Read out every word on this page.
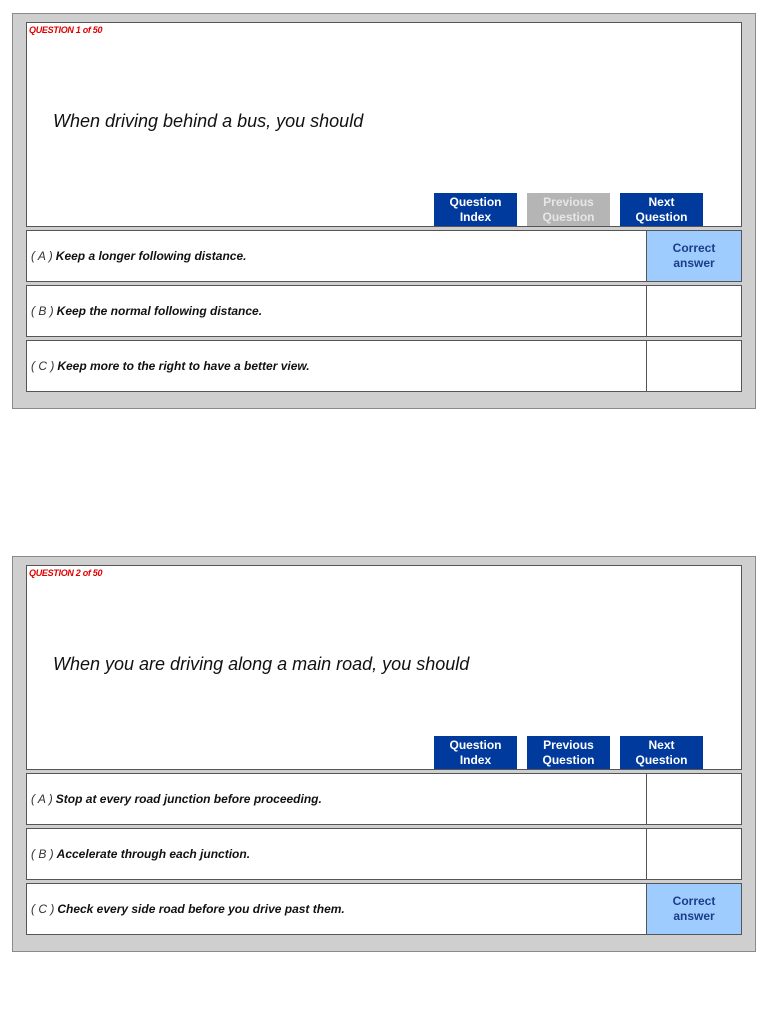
QUESTION 1 of 50
When driving behind a bus, you should
Question
Index
Previous
Question
Next
Question
( A ) Keep a longer following distance.
Correct
answer
( B ) Keep the normal following distance.
( C ) Keep more to the right to have a better view.
QUESTION 2 of 50
When you are driving along a main road, you should
Question
Index
Previous
Question
Next
Question
( A ) Stop at every road junction before proceeding.
( B ) Accelerate through each junction.
( C ) Check every side road before you drive past them.
Correct
answer
